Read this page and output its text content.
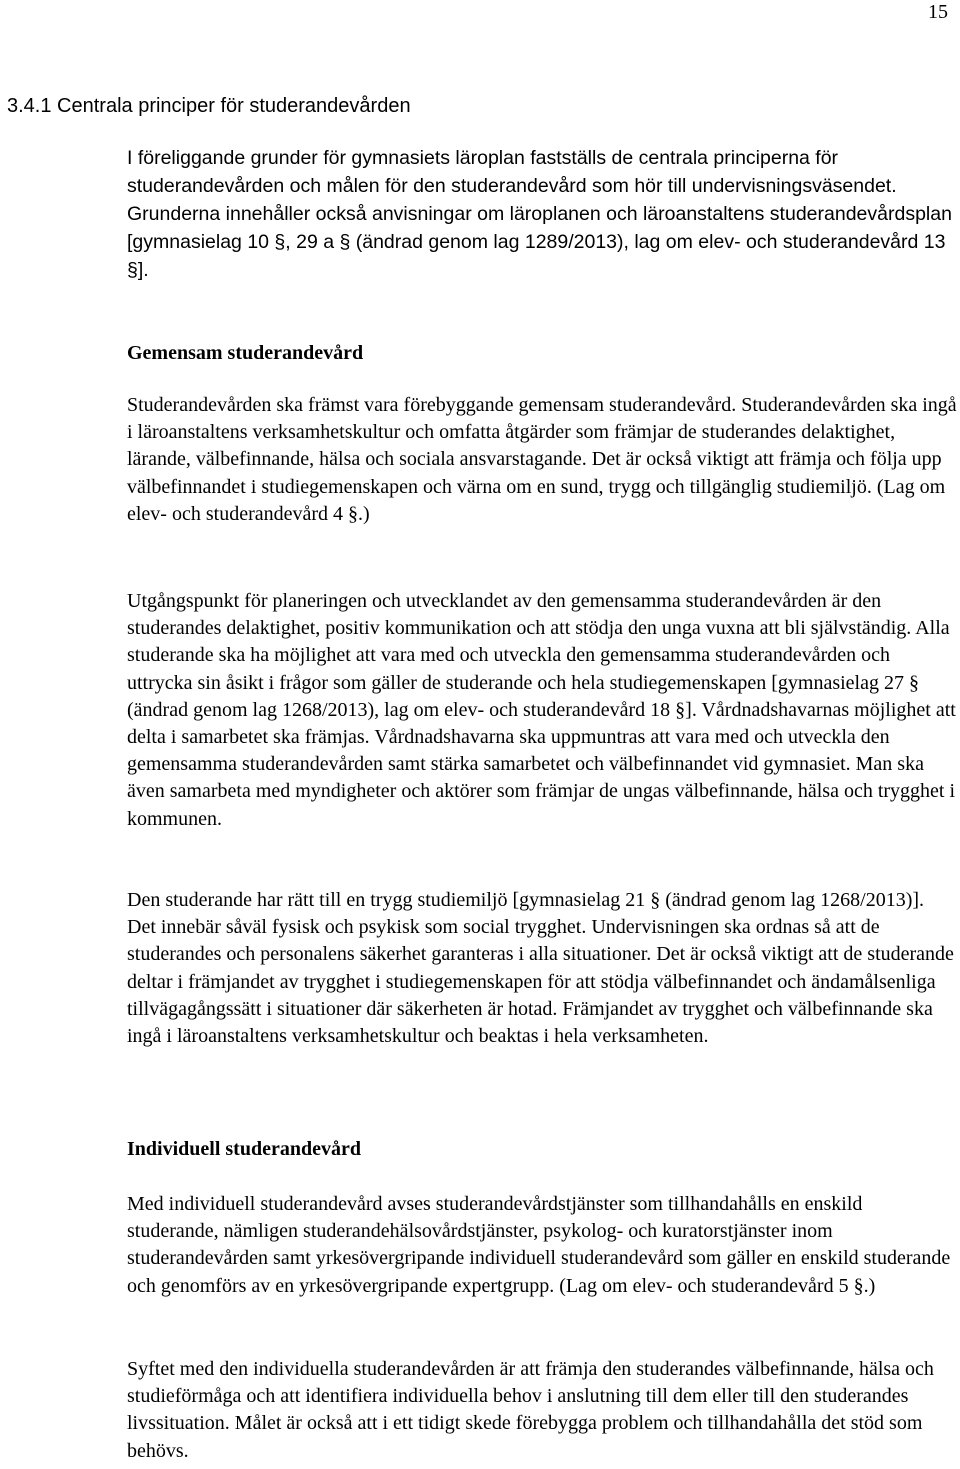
15
3.4.1 Centrala principer för studerandevården

I föreliggande grunder för gymnasiets läroplan fastställs de centrala principerna för studerandevården och målen för den studerandevård som hör till undervisningsväsendet. Grunderna innehåller också anvisningar om läroplanen och läroanstaltens studerandevårdsplan [gymnasielag 10 §, 29 a § (ändrad genom lag 1289/2013), lag om elev- och studerandevård 13 §].

Gemensam studerandevård

Studerandevården ska främst vara förebyggande gemensam studerandevård. Studerandevården ska ingå i läroanstaltens verksamhetskultur och omfatta åtgärder som främjar de studerandes delaktighet, lärande, välbefinnande, hälsa och sociala ansvarstagande. Det är också viktigt att främja och följa upp välbefinnandet i studiegemenskapen och värna om en sund, trygg och tillgänglig studiemiljö. (Lag om elev- och studerandevård 4 §.)

Utgångspunkt för planeringen och utvecklandet av den gemensamma studerandevården är den studerandes delaktighet, positiv kommunikation och att stödja den unga vuxna att bli självständig. Alla studerande ska ha möjlighet att vara med och utveckla den gemensamma studerandevården och uttrycka sin åsikt i frågor som gäller de studerande och hela studiegemenskapen [gymnasielag 27 § (ändrad genom lag 1268/2013), lag om elev- och studerandevård 18 §]. Vårdnadshavarnas möjlighet att delta i samarbetet ska främjas. Vårdnadshavarna ska uppmuntras att vara med och utveckla den gemensamma studerandevården samt stärka samarbetet och välbefinnandet vid gymnasiet. Man ska även samarbeta med myndigheter och aktörer som främjar de ungas välbefinnande, hälsa och trygghet i kommunen.

Den studerande har rätt till en trygg studiemiljö [gymnasielag 21 § (ändrad genom lag 1268/2013)]. Det innebär såväl fysisk och psykisk som social trygghet. Undervisningen ska ordnas så att de studerandes och personalens säkerhet garanteras i alla situationer. Det är också viktigt att de studerande deltar i främjandet av trygghet i studiegemenskapen för att stödja välbefinnandet och ändamålsenliga tillvägagångssätt i situationer där säkerheten är hotad. Främjandet av trygghet och välbefinnande ska ingå i läroanstaltens verksamhetskultur och beaktas i hela verksamheten.

Individuell studerandevård

Med individuell studerandevård avses studerandevårdstjänster som tillhandahålls en enskild studerande, nämligen studerandehälsovårdstjänster, psykolog- och kuratorstjänster inom studerandevården samt yrkesövergripande individuell studerandevård som gäller en enskild studerande och genomförs av en yrkesövergripande expertgrupp. (Lag om elev- och studerandevård 5 §.)

Syftet med den individuella studerandevården är att främja den studerandes välbefinnande, hälsa och studieförmåga och att identifiera individuella behov i anslutning till dem eller till den studerandes livssituation. Målet är också att i ett tidigt skede förebygga problem och tillhandahålla det stöd som behövs.
